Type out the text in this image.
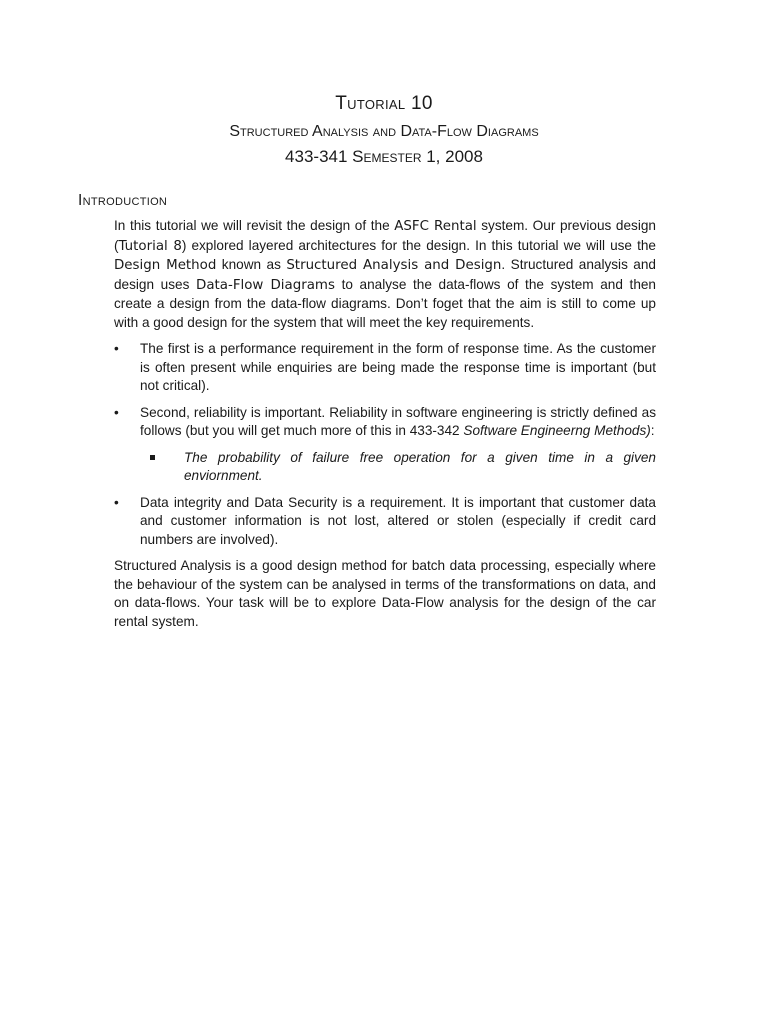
Tutorial 10
Structured Analysis and Data-Flow Diagrams
433-341 Semester 1, 2008
Introduction

In this tutorial we will revisit the design of the ASFC Rental system. Our previous design (Tutorial 8) explored layered architectures for the design. In this tutorial we will use the Design Method known as Structured Analysis and Design. Structured analysis and design uses Data-Flow Diagrams to analyse the data-flows of the system and then create a design from the data-flow diagrams. Don’t foget that the aim is still to come up with a good design for the system that will meet the key requirements.

• The first is a performance requirement in the form of response time. As the customer is often present while enquiries are being made the response time is important (but not critical).
• Second, reliability is important. Reliability in software engineering is strictly defined as follows (but you will get much more of this in 433-342 Software Engineerng Methods):
The probability of failure free operation for a given time in a given enviornment.
• Data integrity and Data Security is a requirement. It is important that customer data and customer information is not lost, altered or stolen (especially if credit card numbers are involved).

Structured Analysis is a good design method for batch data processing, especially where the behaviour of the system can be analysed in terms of the transformations on data, and on data-flows. Your task will be to explore Data-Flow analysis for the design of the car rental system.
